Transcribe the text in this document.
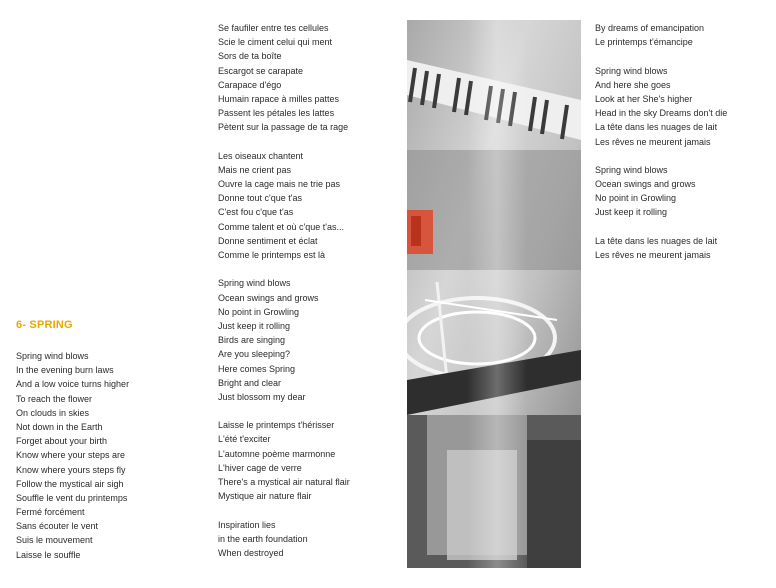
6- SPRING
Spring wind blows
In the evening burn laws
And a low voice turns higher
To reach the flower
On clouds in skies
Not down in the Earth
Forget about your birth
Know where your steps are
Know where yours steps fly
Follow the mystical air sigh
Souffle le vent du printemps
Fermé forcément
Sans écouter le vent
Suis le mouvement
Laisse le souffle
Se faufiler entre tes cellules
Scie le ciment celui qui ment
Sors de ta boîte
Escargot se carapate
Carapace d'égo
Humain rapace à milles pattes
Passent les pétales les lattes
Pètent sur la passage de ta rage
Les oiseaux chantent
Mais ne crient pas
Ouvre la cage mais ne trie pas
Donne tout c'que t'as
C'est fou c'que t'as
Comme talent et où c'que t'as...
Donne sentiment et éclat
Comme le printemps est là
Spring wind blows
Ocean swings and grows
No point in Growling
Just keep it rolling
Birds are singing
Are you sleeping?
Here comes Spring
Bright and clear
Just blossom my dear
Laisse le printemps t'hérisser
L'été t'exciter
L'automne poème marmonne
L'hiver cage de verre
There's a mystical air natural flair
Mystique air nature flair
Inspiration lies
in the earth foundation
When destroyed
By dreams of emancipation
Le printemps t'émancipe
Spring wind blows
And here she goes
Look at her She's higher
Head in the sky Dreams don't die
La tête dans les nuages de lait
Les rêves ne meurent jamais
Spring wind blows
Ocean swings and grows
No point in Growling
Just keep it rolling
La tête dans les nuages de lait
Les rêves ne meurent jamais
